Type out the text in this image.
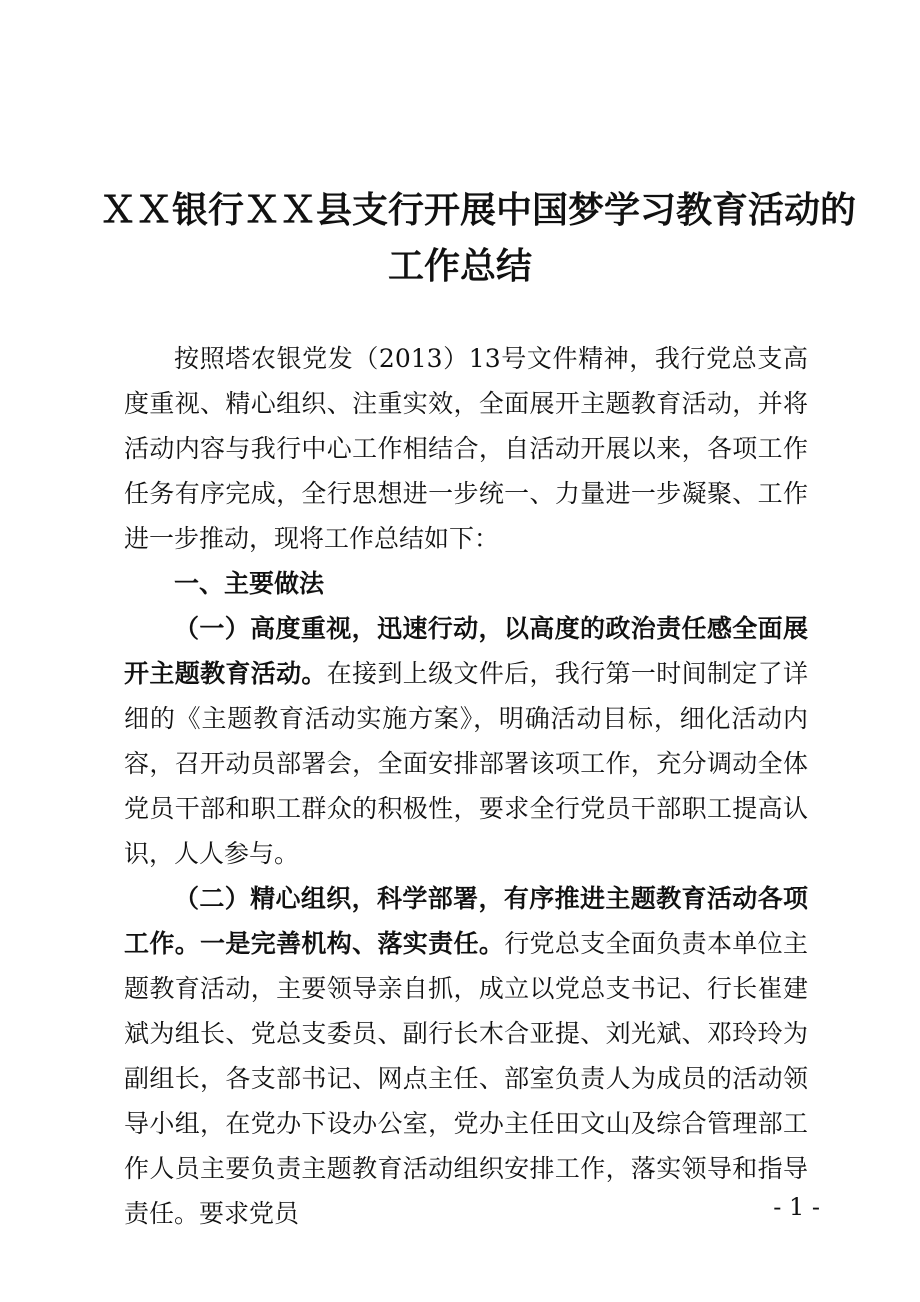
ＸＸ银行ＸＸ县支行开展中国梦学习教育活动的
工作总结

按照塔农银党发（2013）13号文件精神，我行党总支高度重视、精心组织、注重实效，全面展开主题教育活动，并将活动内容与我行中心工作相结合，自活动开展以来，各项工作任务有序完成，全行思想进一步统一、力量进一步凝聚、工作进一步推动，现将工作总结如下：

一、主要做法

（一）高度重视，迅速行动，以高度的政治责任感全面展开主题教育活动。在接到上级文件后，我行第一时间制定了详细的《主题教育活动实施方案》，明确活动目标，细化活动内容，召开动员部署会，全面安排部署该项工作，充分调动全体党员干部和职工群众的积极性，要求全行党员干部职工提高认识，人人参与。

（二）精心组织，科学部署，有序推进主题教育活动各项工作。一是完善机构、落实责任。行党总支全面负责本单位主题教育活动，主要领导亲自抓，成立以党总支书记、行长崔建斌为组长、党总支委员、副行长木合亚提、刘光斌、邓玲玲为副组长，各支部书记、网点主任、部室负责人为成员的活动领导小组，在党办下设办公室，党办主任田文山及综合管理部工作人员主要负责主题教育活动组织安排工作，落实领导和指导责任。要求党员	- 1 -
